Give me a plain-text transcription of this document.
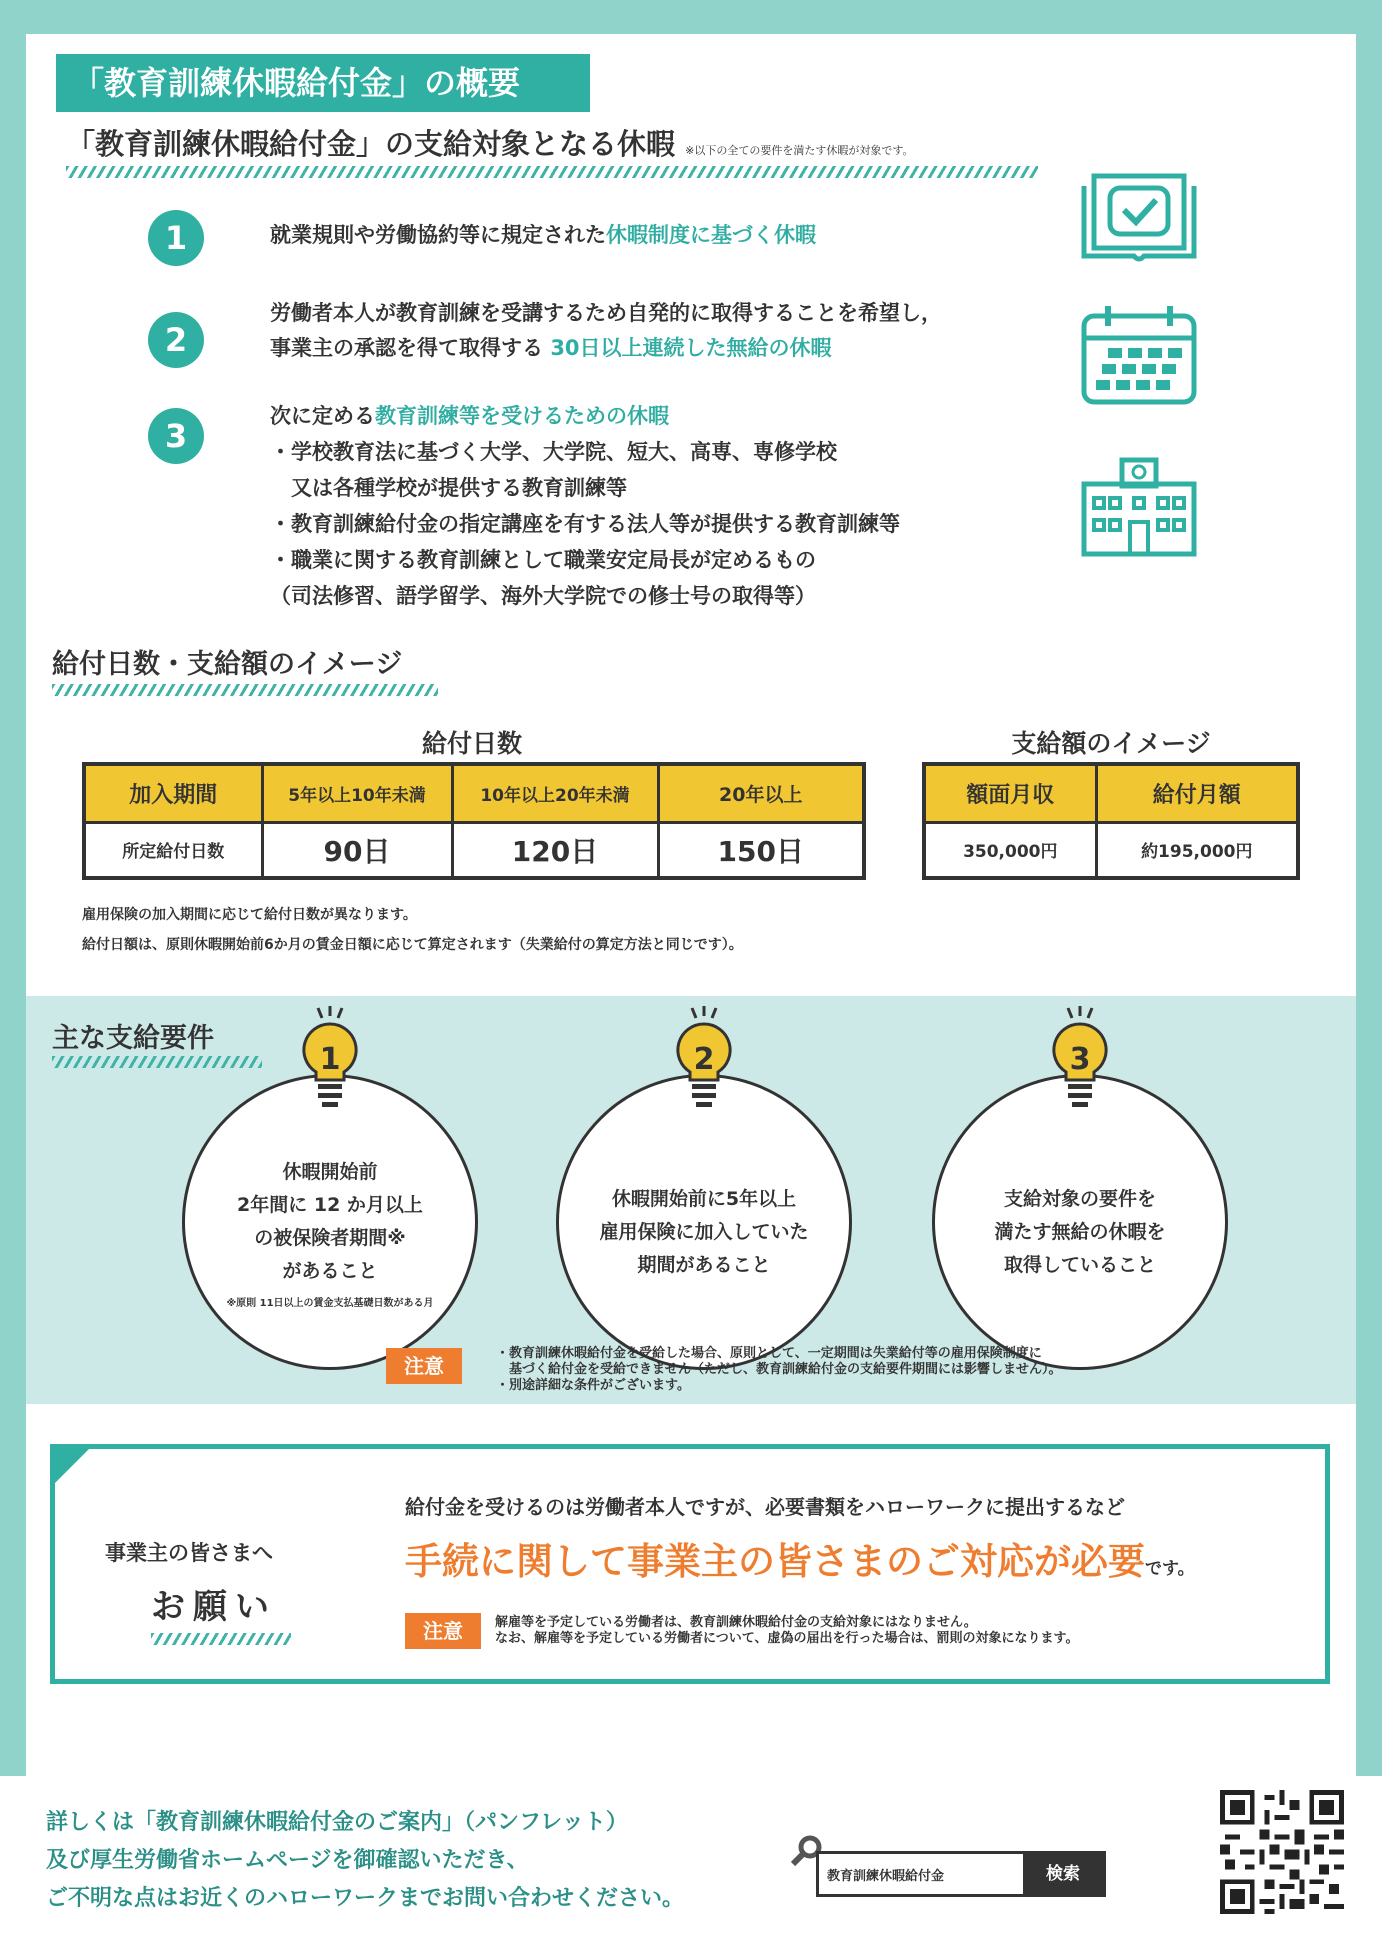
「教育訓練休暇給付金」の概要
「教育訓練休暇給付金」の支給対象となる休暇 ※以下の全ての要件を満たす休暇が対象です。
1	就業規則や労働協約等に規定された休暇制度に基づく休暇
2
労働者本人が教育訓練を受講するため自発的に取得することを希望し，
事業主の承認を得て取得する 30日以上連続した無給の休暇
3
次に定める教育訓練等を受けるための休暇
・学校教育法に基づく大学、大学院、短大、高専、専修学校
　又は各種学校が提供する教育訓練等
・教育訓練給付金の指定講座を有する法人等が提供する教育訓練等
・職業に関する教育訓練として職業安定局長が定めるもの
（司法修習、語学留学、海外大学院での修士号の取得等）
給付日数・支給額のイメージ
給付日数
加入期間	5年以上10年未満	10年以上20年未満	20年以上
所定給付日数	90日	120日	150日
支給額のイメージ
額面月収	給付月額
350,000円	約195,000円
雇用保険の加入期間に応じて給付日数が異なります。
給付日額は、原則休暇開始前6か月の賃金日額に応じて算定されます（失業給付の算定方法と同じです）。
主な支給要件
休暇開始前
2年間に 12 か月以上
の被保険者期間※
があること
※原則 11日以上の賃金支払基礎日数がある月
休暇開始前に5年以上
雇用保険に加入していた
期間があること
支給対象の要件を
満たす無給の休暇を
取得していること
1	2	3
注意
・教育訓練休暇給付金を受給した場合、原則として、一定期間は失業給付等の雇用保険制度に
　基づく給付金を受給できません（ただし、教育訓練給付金の支給要件期間には影響しません）。
・別途詳細な条件がございます。
事業主の皆さまへ
お願い
給付金を受けるのは労働者本人ですが、必要書類をハローワークに提出するなど
手続に関して事業主の皆さまのご対応が必要です。
注意	解雇等を予定している労働者は、教育訓練休暇給付金の支給対象にはなりません。
なお、解雇等を予定している労働者について、虚偽の届出を行った場合は、罰則の対象になります。
詳しくは「教育訓練休暇給付金のご案内」（パンフレット）
及び厚生労働省ホームページを御確認いただき、
ご不明な点はお近くのハローワークまでお問い合わせください。
教育訓練休暇給付金
検索
